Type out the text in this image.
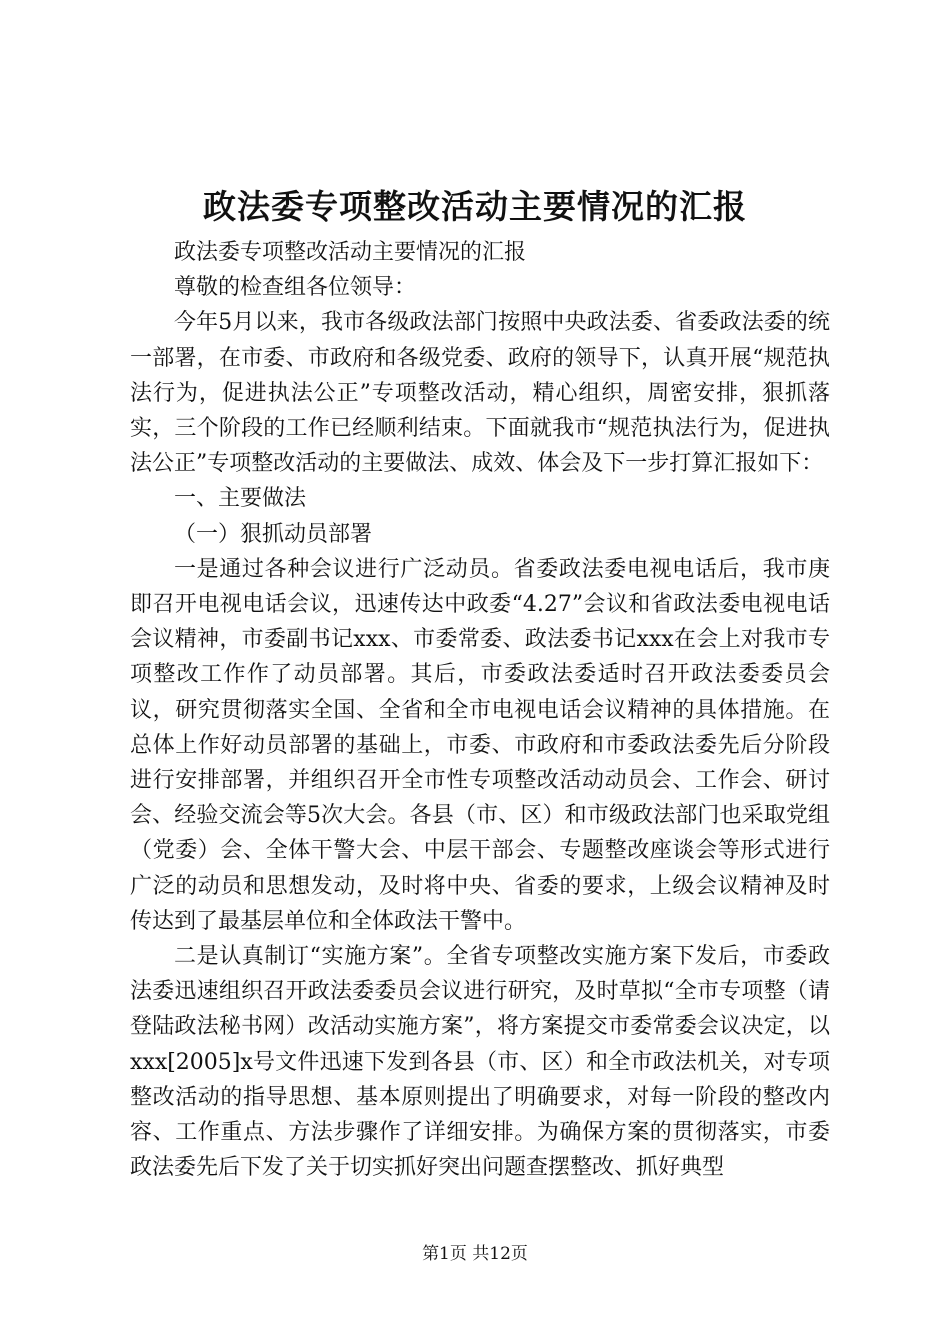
政法委专项整改活动主要情况的汇报

政法委专项整改活动主要情况的汇报

尊敬的检查组各位领导：

今年5月以来，我市各级政法部门按照中央政法委、省委政法委的统一部署，在市委、市政府和各级党委、政府的领导下，认真开展“规范执法行为，促进执法公正”专项整改活动，精心组织，周密安排，狠抓落实，三个阶段的工作已经顺利结束。下面就我市“规范执法行为，促进执法公正”专项整改活动的主要做法、成效、体会及下一步打算汇报如下：

一、主要做法

（一）狠抓动员部署

一是通过各种会议进行广泛动员。省委政法委电视电话后，我市庚即召开电视电话会议，迅速传达中政委“4.27”会议和省政法委电视电话会议精神，市委副书记xxx、市委常委、政法委书记xxx在会上对我市专项整改工作作了动员部署。其后，市委政法委适时召开政法委委员会议，研究贯彻落实全国、全省和全市电视电话会议精神的具体措施。在总体上作好动员部署的基础上，市委、市政府和市委政法委先后分阶段进行安排部署，并组织召开全市性专项整改活动动员会、工作会、研讨会、经验交流会等5次大会。各县（市、区）和市级政法部门也采取党组（党委）会、全体干警大会、中层干部会、专题整改座谈会等形式进行广泛的动员和思想发动，及时将中央、省委的要求，上级会议精神及时传达到了最基层单位和全体政法干警中。

二是认真制订“实施方案”。全省专项整改实施方案下发后，市委政法委迅速组织召开政法委委员会议进行研究，及时草拟“全市专项整（请登陆政法秘书网）改活动实施方案”，将方案提交市委常委会议决定，以xxx[2005]x号文件迅速下发到各县（市、区）和全市政法机关，对专项整改活动的指导思想、基本原则提出了明确要求，对每一阶段的整改内容、工作重点、方法步骤作了详细安排。为确保方案的贯彻落实，市委政法委先后下发了关于切实抓好突出问题查摆整改、抓好典型

第1页 共12页
